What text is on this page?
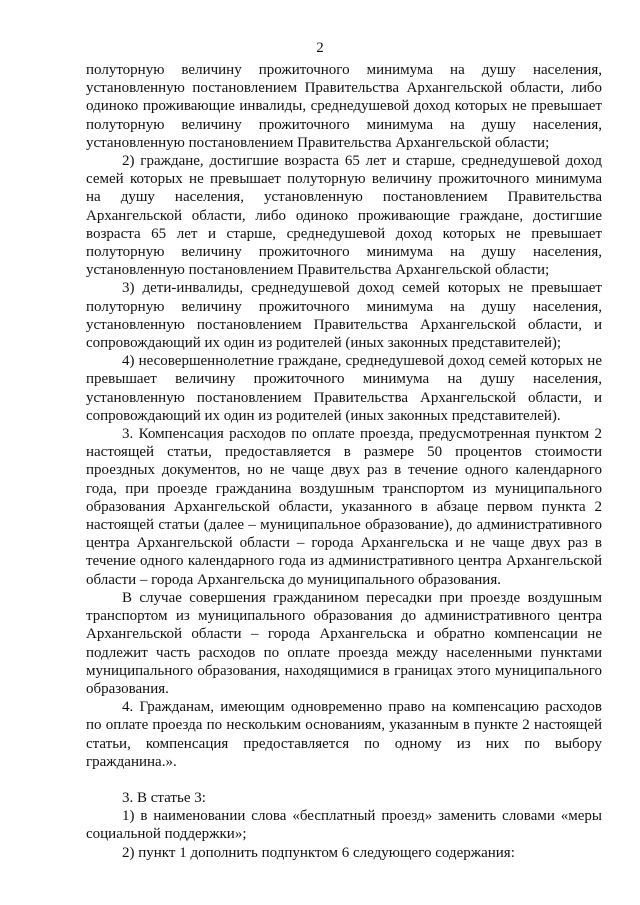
2

полуторную величину прожиточного минимума на душу населения, установленную постановлением Правительства Архангельской области, либо одиноко проживающие инвалиды, среднедушевой доход которых не превышает полуторную величину прожиточного минимума на душу населения, установленную постановлением Правительства Архангельской области;

2) граждане, достигшие возраста 65 лет и старше, среднедушевой доход семей которых не превышает полуторную величину прожиточного минимума на душу населения, установленную постановлением Правительства Архангельской области, либо одиноко проживающие граждане, достигшие возраста 65 лет и старше, среднедушевой доход которых не превышает полуторную величину прожиточного минимума на душу населения, установленную постановлением Правительства Архангельской области;

3) дети-инвалиды, среднедушевой доход семей которых не превышает полуторную величину прожиточного минимума на душу населения, установленную постановлением Правительства Архангельской области, и сопровождающий их один из родителей (иных законных представителей);

4) несовершеннолетние граждане, среднедушевой доход семей которых не превышает величину прожиточного минимума на душу населения, установленную постановлением Правительства Архангельской области, и сопровождающий их один из родителей (иных законных представителей).

3. Компенсация расходов по оплате проезда, предусмотренная пунктом 2 настоящей статьи, предоставляется в размере 50 процентов стоимости проездных документов, но не чаще двух раз в течение одного календарного года, при проезде гражданина воздушным транспортом из муниципального образования Архангельской области, указанного в абзаце первом пункта 2 настоящей статьи (далее – муниципальное образование), до административного центра Архангельской области – города Архангельска и не чаще двух раз в течение одного календарного года из административного центра Архангельской области – города Архангельска до муниципального образования.

В случае совершения гражданином пересадки при проезде воздушным транспортом из муниципального образования до административного центра Архангельской области – города Архангельска и обратно компенсации не подлежит часть расходов по оплате проезда между населенными пунктами муниципального образования, находящимися в границах этого муниципального образования.

4. Гражданам, имеющим одновременно право на компенсацию расходов по оплате проезда по нескольким основаниям, указанным в пункте 2 настоящей статьи, компенсация предоставляется по одному из них по выбору гражданина.».

3. В статье 3:

1) в наименовании слова «бесплатный проезд» заменить словами «меры социальной поддержки»;

2) пункт 1 дополнить подпунктом 6 следующего содержания:
